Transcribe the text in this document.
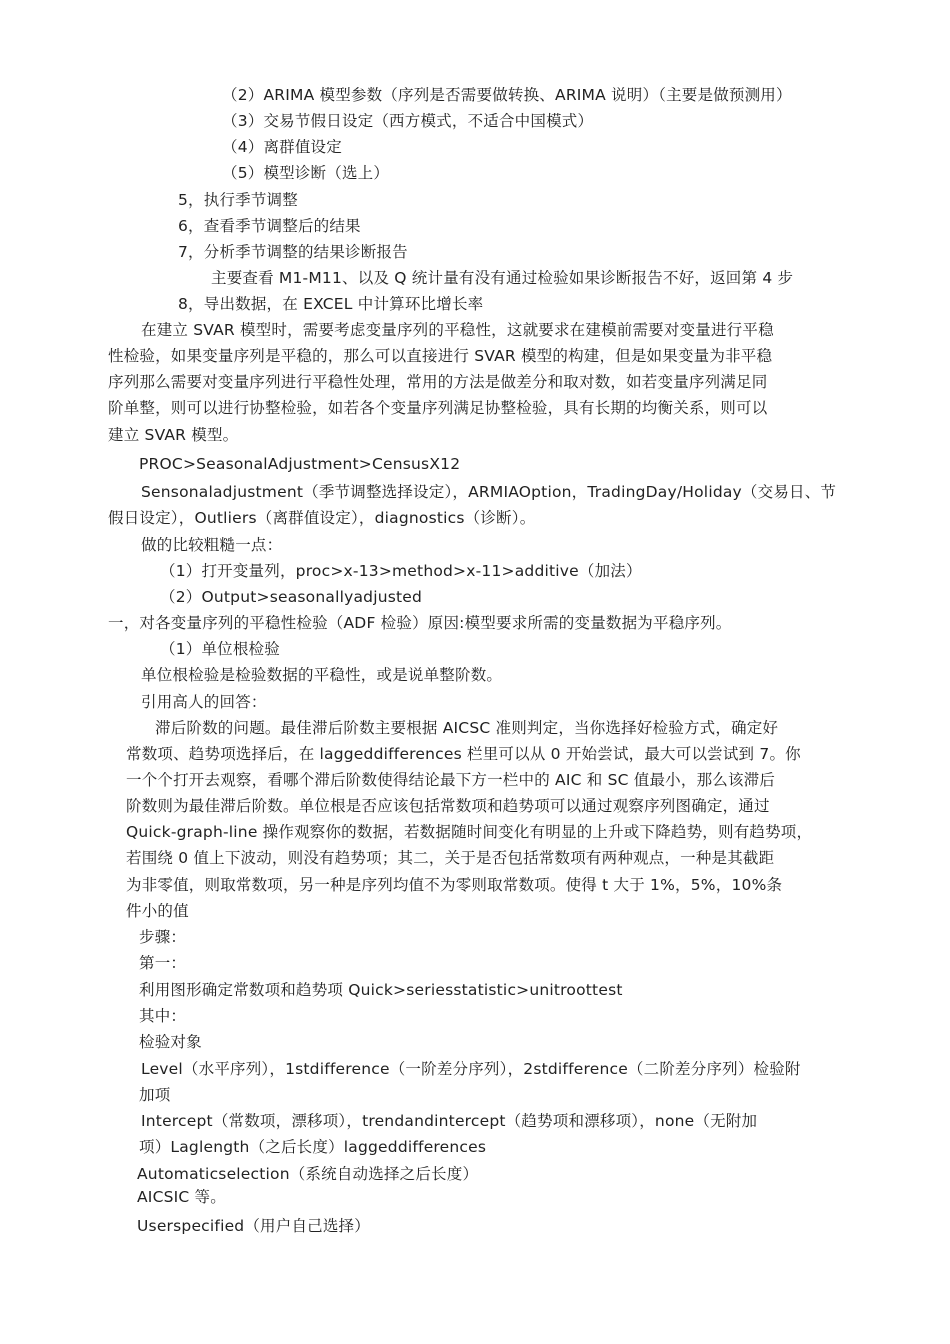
（2）ARIMA 模型参数（序列是否需要做转换、ARIMA 说明）（主要是做预测用）
（3）交易节假日设定（西方模式，不适合中国模式）
（4）离群值设定
（5）模型诊断（选上）
5，执行季节调整
6，查看季节调整后的结果
7，分析季节调整的结果诊断报告
主要查看 M1-M11、以及 Q 统计量有没有通过检验如果诊断报告不好，返回第 4 步
8，导出数据，在 EXCEL 中计算环比增长率
在建立 SVAR 模型时，需要考虑变量序列的平稳性，这就要求在建模前需要对变量进行平稳
性检验，如果变量序列是平稳的，那么可以直接进行 SVAR 模型的构建，但是如果变量为非平稳
序列那么需要对变量序列进行平稳性处理，常用的方法是做差分和取对数，如若变量序列满足同
阶单整，则可以进行协整检验，如若各个变量序列满足协整检验，具有长期的均衡关系，则可以
建立 SVAR 模型。
PROC>SeasonalAdjustment>CensusX12
Sensonaladjustment（季节调整选择设定），ARMIAOption，TradingDay/Holiday（交易日、节
假日设定），Outliers（离群值设定），diagnostics（诊断）。
做的比较粗糙一点：
（1）打开变量列，proc>x-13>method>x-11>additive（加法）
（2）Output>seasonallyadjusted
一，对各变量序列的平稳性检验（ADF 检验）原因:模型要求所需的变量数据为平稳序列。
（1）单位根检验
单位根检验是检验数据的平稳性，或是说单整阶数。
引用高人的回答：
滞后阶数的问题。最佳滞后阶数主要根据 AICSC 准则判定，当你选择好检验方式，确定好
常数项、趋势项选择后，在 laggeddifferences 栏里可以从 0 开始尝试，最大可以尝试到 7。你
一个个打开去观察，看哪个滞后阶数使得结论最下方一栏中的 AIC 和 SC 值最小，那么该滞后
阶数则为最佳滞后阶数。单位根是否应该包括常数项和趋势项可以通过观察序列图确定，通过
Quick-graph-line 操作观察你的数据，若数据随时间变化有明显的上升或下降趋势，则有趋势项，
若围绕 0 值上下波动，则没有趋势项；其二，关于是否包括常数项有两种观点，一种是其截距
为非零值，则取常数项，另一种是序列均值不为零则取常数项。使得 t 大于 1%，5%，10%条
件小的值
步骤：
第一：
利用图形确定常数项和趋势项 Quick>seriesstatistic>unitroottest
其中：
检验对象
Level（水平序列），1stdifference（一阶差分序列），2stdifference（二阶差分序列）检验附
加项
Intercept（常数项，漂移项），trendandintercept（趋势项和漂移项），none（无附加
项）Laglength（之后长度）laggeddifferences
Automaticselection（系统自动选择之后长度）
AICSIC 等。
Userspecified（用户自己选择）
